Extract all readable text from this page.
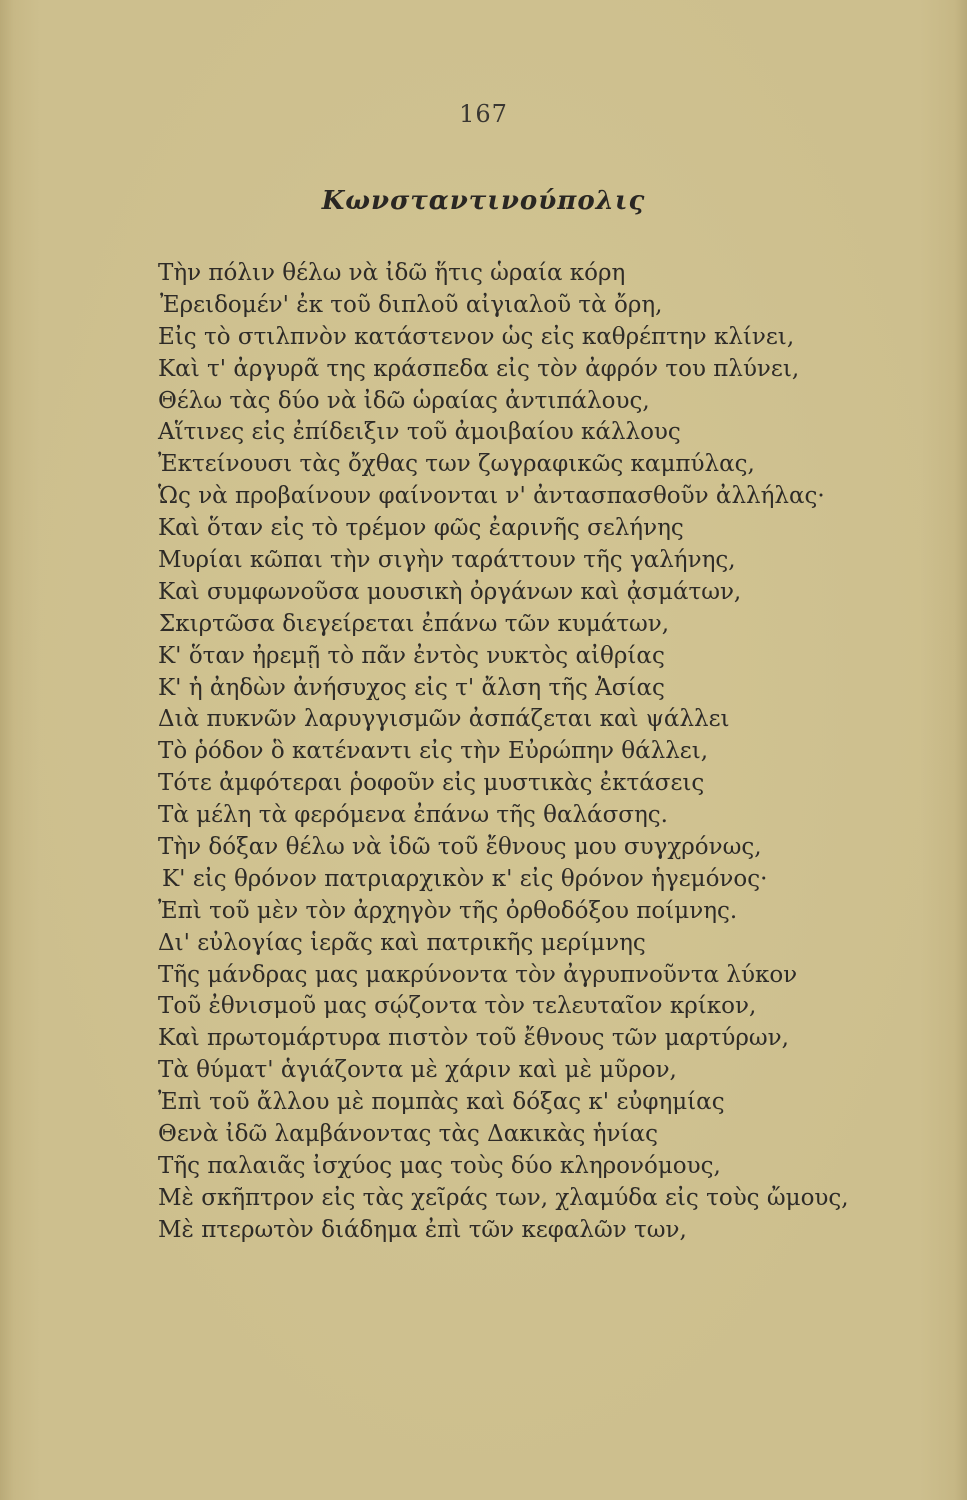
167
Κωνσταντινούπολις
Τὴν πόλιν θέλω νὰ ἰδῶ ἥτις ὡραία κόρη
Ἐρειδομέν' ἐκ τοῦ διπλοῦ αἰγιαλοῦ τὰ ὄρη,
Εἰς τὸ στιλπνὸν κατάστενον ὡς εἰς καθρέπτην κλίνει,
Καὶ τ' ἀργυρᾶ της κράσπεδα εἰς τὸν ἀφρόν του πλύνει,
Θέλω τὰς δύο νὰ ἰδῶ ὡραίας ἀντιπάλους,
Αἵτινες εἰς ἐπίδειξιν τοῦ ἀμοιβαίου κάλλους
Ἐκτείνουσι τὰς ὄχθας των ζωγραφικῶς καμπύλας,
Ὡς νὰ προβαίνουν φαίνονται ν' ἀντασπασθοῦν ἀλλήλας·
Καὶ ὅταν εἰς τὸ τρέμον φῶς ἐαρινῆς σελήνης
Μυρίαι κῶπαι τὴν σιγὴν ταράττουν τῆς γαλήνης,
Καὶ συμφωνοῦσα μουσικὴ ὀργάνων καὶ ᾀσμάτων,
Σκιρτῶσα διεγείρεται ἐπάνω τῶν κυμάτων,
Κ' ὅταν ἠρεμῇ τὸ πᾶν ἐντὸς νυκτὸς αἰθρίας
Κ' ἡ ἀηδὼν ἀνήσυχος εἰς τ' ἄλση τῆς Ἀσίας
Διὰ πυκνῶν λαρυγγισμῶν ἀσπάζεται καὶ ψάλλει
Τὸ ῥόδον ὃ κατέναντι εἰς τὴν Εὐρώπην θάλλει,
Τότε ἀμφότεραι ῥοφοῦν εἰς μυστικὰς ἐκτάσεις
Τὰ μέλη τὰ φερόμενα ἐπάνω τῆς θαλάσσης.
Τὴν δόξαν θέλω νὰ ἰδῶ τοῦ ἔθνους μου συγχρόνως,
Κ' εἰς θρόνον πατριαρχικὸν κ' εἰς θρόνον ἡγεμόνος·
Ἐπὶ τοῦ μὲν τὸν ἀρχηγὸν τῆς ὀρθοδόξου ποίμνης.
Δι' εὐλογίας ἱερᾶς καὶ πατρικῆς μερίμνης
Τῆς μάνδρας μας μακρύνοντα τὸν ἀγρυπνοῦντα λύκον
Τοῦ ἐθνισμοῦ μας σῴζοντα τὸν τελευταῖον κρίκον,
Καὶ πρωτομάρτυρα πιστὸν τοῦ ἔθνους τῶν μαρτύρων,
Τὰ θύματ' ἁγιάζοντα μὲ χάριν καὶ μὲ μῦρον,
Ἐπὶ τοῦ ἄλλου μὲ πομπὰς καὶ δόξας κ' εὐφημίας
Θενὰ ἰδῶ λαμβάνοντας τὰς Δακικὰς ἡνίας
Τῆς παλαιᾶς ἰσχύος μας τοὺς δύο κληρονόμους,
Μὲ σκῆπτρον εἰς τὰς χεῖράς των, χλαμύδα εἰς τοὺς ὤμους,
Μὲ πτερωτὸν διάδημα ἐπὶ τῶν κεφαλῶν των,
